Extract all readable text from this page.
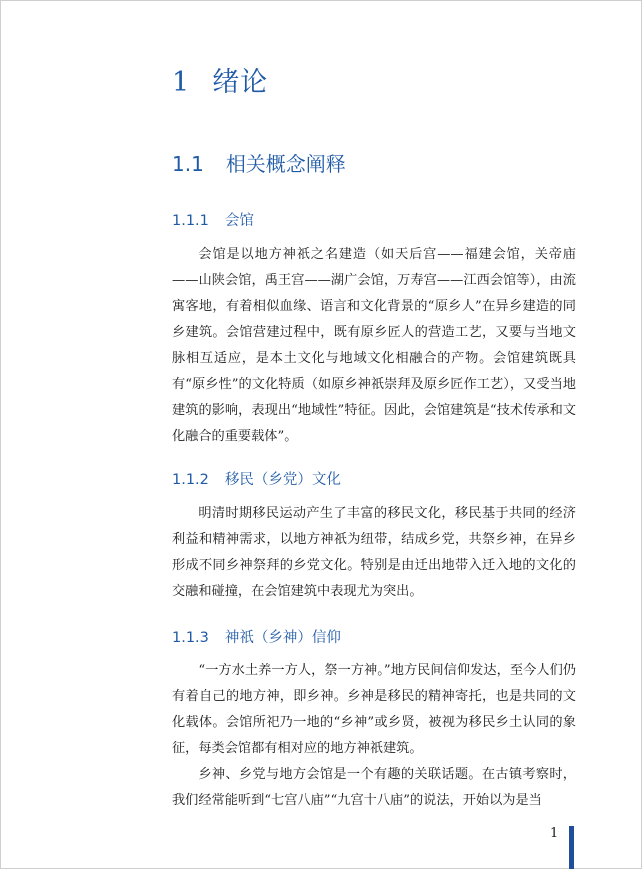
1 绪论
1.1 相关概念阐释
1.1.1 会馆

会馆是以地方神祇之名建造（如天后宫——福建会馆，关帝庙——山陕会馆，禹王宫——湖广会馆，万寿宫——江西会馆等），由流寓客地，有着相似血缘、语言和文化背景的“原乡人”在异乡建造的同乡建筑。会馆营建过程中，既有原乡匠人的营造工艺，又要与当地文脉相互适应，是本土文化与地域文化相融合的产物。会馆建筑既具有“原乡性”的文化特质（如原乡神祇崇拜及原乡匠作工艺），又受当地建筑的影响，表现出“地域性”特征。因此，会馆建筑是“技术传承和文化融合的重要载体”。

1.1.2 移民（乡党）文化

明清时期移民运动产生了丰富的移民文化，移民基于共同的经济利益和精神需求，以地方神祇为纽带，结成乡党，共祭乡神，在异乡形成不同乡神祭拜的乡党文化。特别是由迁出地带入迁入地的文化的交融和碰撞，在会馆建筑中表现尤为突出。

1.1.3 神祇（乡神）信仰

“一方水土养一方人，祭一方神。”地方民间信仰发达，至今人们仍有着自己的地方神，即乡神。乡神是移民的精神寄托，也是共同的文化载体。会馆所祀乃一地的“乡神”或乡贤，被视为移民乡土认同的象征，每类会馆都有相对应的地方神祇建筑。

乡神、乡党与地方会馆是一个有趣的关联话题。在古镇考察时，我们经常能听到“七宫八庙”“九宫十八庙”的说法，开始以为是当

1
